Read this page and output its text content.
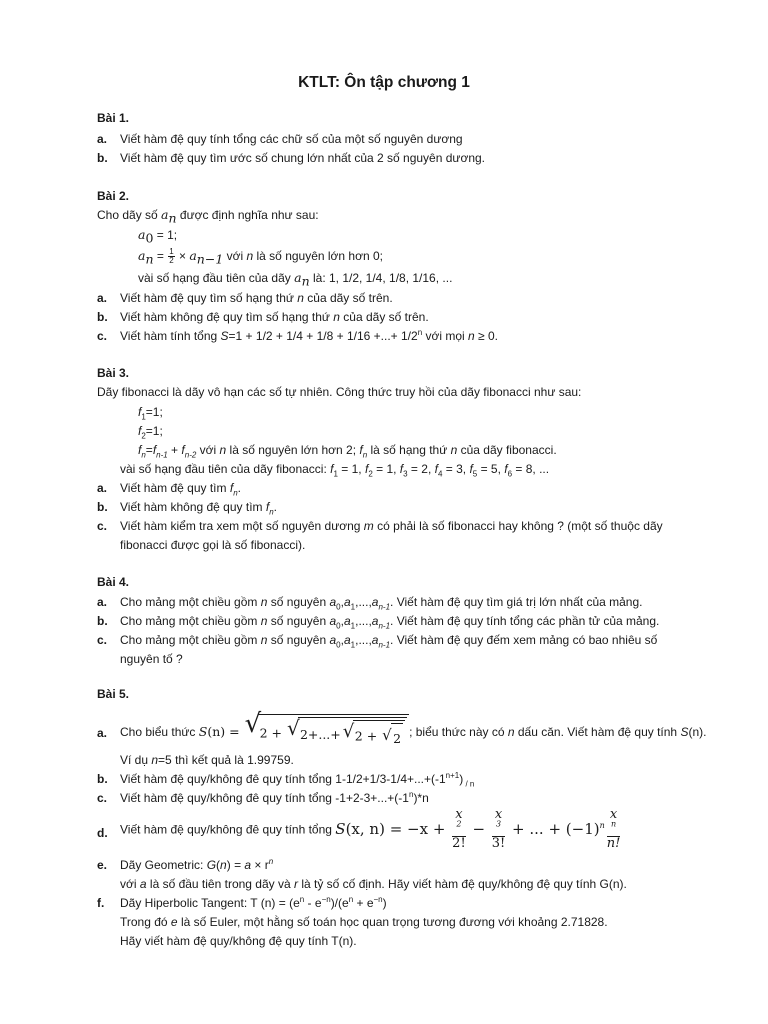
KTLT: Ôn tập chương 1
Bài 1.
a. Viết hàm đệ quy tính tổng các chữ số của một số nguyên dương
b. Viết hàm đệ quy tìm ước số chung lớn nhất của 2 số nguyên dương.
Bài 2.
Cho dãy số $a_n$ được định nghĩa như sau:
$a_0 = 1$;
$a_n = \frac{1}{2} \times a_{n-1}$ với n là số nguyên lớn hơn 0;
vài số hạng đầu tiên của dãy $a_n$ là: 1, 1/2, 1/4, 1/8, 1/16, ...
a. Viết hàm đệ quy tìm số hạng thứ n của dãy số trên.
b. Viết hàm không đệ quy tìm số hạng thứ n của dãy số trên.
c. Viết hàm tính tổng S=1 + 1/2 + 1/4 + 1/8 + 1/16 +...+ $1/2^n$ với mọi n ≥ 0.
Bài 3.
Dãy fibonacci là dãy vô hạn các số tự nhiên. Công thức truy hồi của dãy fibonacci như sau:
$f_1=1$;
$f_2=1$;
$f_n=f_{n-1} + f_{n-2}$ với n là số nguyên lớn hơn 2; $f_n$ là số hạng thứ n của dãy fibonacci.
vài số hạng đầu tiên của dãy fibonacci: $f_1 = 1$, $f_2 = 1$, $f_3 = 2$, $f_4 = 3$, $f_5 = 5$, $f_6 = 8$, ...
a. Viết hàm đệ quy tìm $f_n$.
b. Viết hàm không đệ quy tìm $f_n$.
c. Viết hàm kiểm tra xem một số nguyên dương m có phải là số fibonacci hay không ? (một số thuộc dãy
fibonacci được gọi là số fibonacci).
Bài 4.
a. Cho mảng một chiều gồm n số nguyên $a_0,a_1,...,a_{n-1}$. Viết hàm đệ quy tìm giá trị lớn nhất của mảng.
b. Cho mảng một chiều gồm n số nguyên $a_0,a_1,...,a_{n-1}$. Viết hàm đệ quy tính tổng các phần tử của mảng.
c. Cho mảng một chiều gồm n số nguyên $a_0,a_1,...,a_{n-1}$. Viết hàm đệ quy đếm xem mảng có bao nhiêu số
nguyên tố ?
Bài 5.
a. Cho biểu thức S(n) = √
2 + √ 2+...+ √ 2 + √ 2 ; biểu thức này có n dấu căn. Viết hàm đệ quy tính S(n).
Ví dụ n=5 thì kết quả là 1.99759.
b. Viết hàm đệ quy/không đê quy tính tổng $1-1/2+1/3-1/4+...+(-1^{n+1})$ $_{/ n}$
c. Viết hàm đệ quy/không đê quy tính tổng $-1+2-3+...+(-1^n)*n$
d. Viết hàm đệ quy/không đê quy tính tổng S(x, n) = −x + x
$^2$
2! − x
$^3$
3! + ... + $(-1)^n$ x
$^n$
n!
e. Dãy Geometric: $G(n) = a \times r^n$
với a là số đầu tiên trong dãy và r là tỷ số cố định. Hãy viết hàm đệ quy/không đệ quy tính G(n).
f. Dãy Hiperbolic Tangent: T $(n) = (e^n - e^{-n})/(e^n + e^{-n})$
Trong đó e là số Euler, một hằng số toán học quan trọng tương đương với khoảng 2.71828.
Hãy viết hàm đệ quy/không đệ quy tính T(n).
